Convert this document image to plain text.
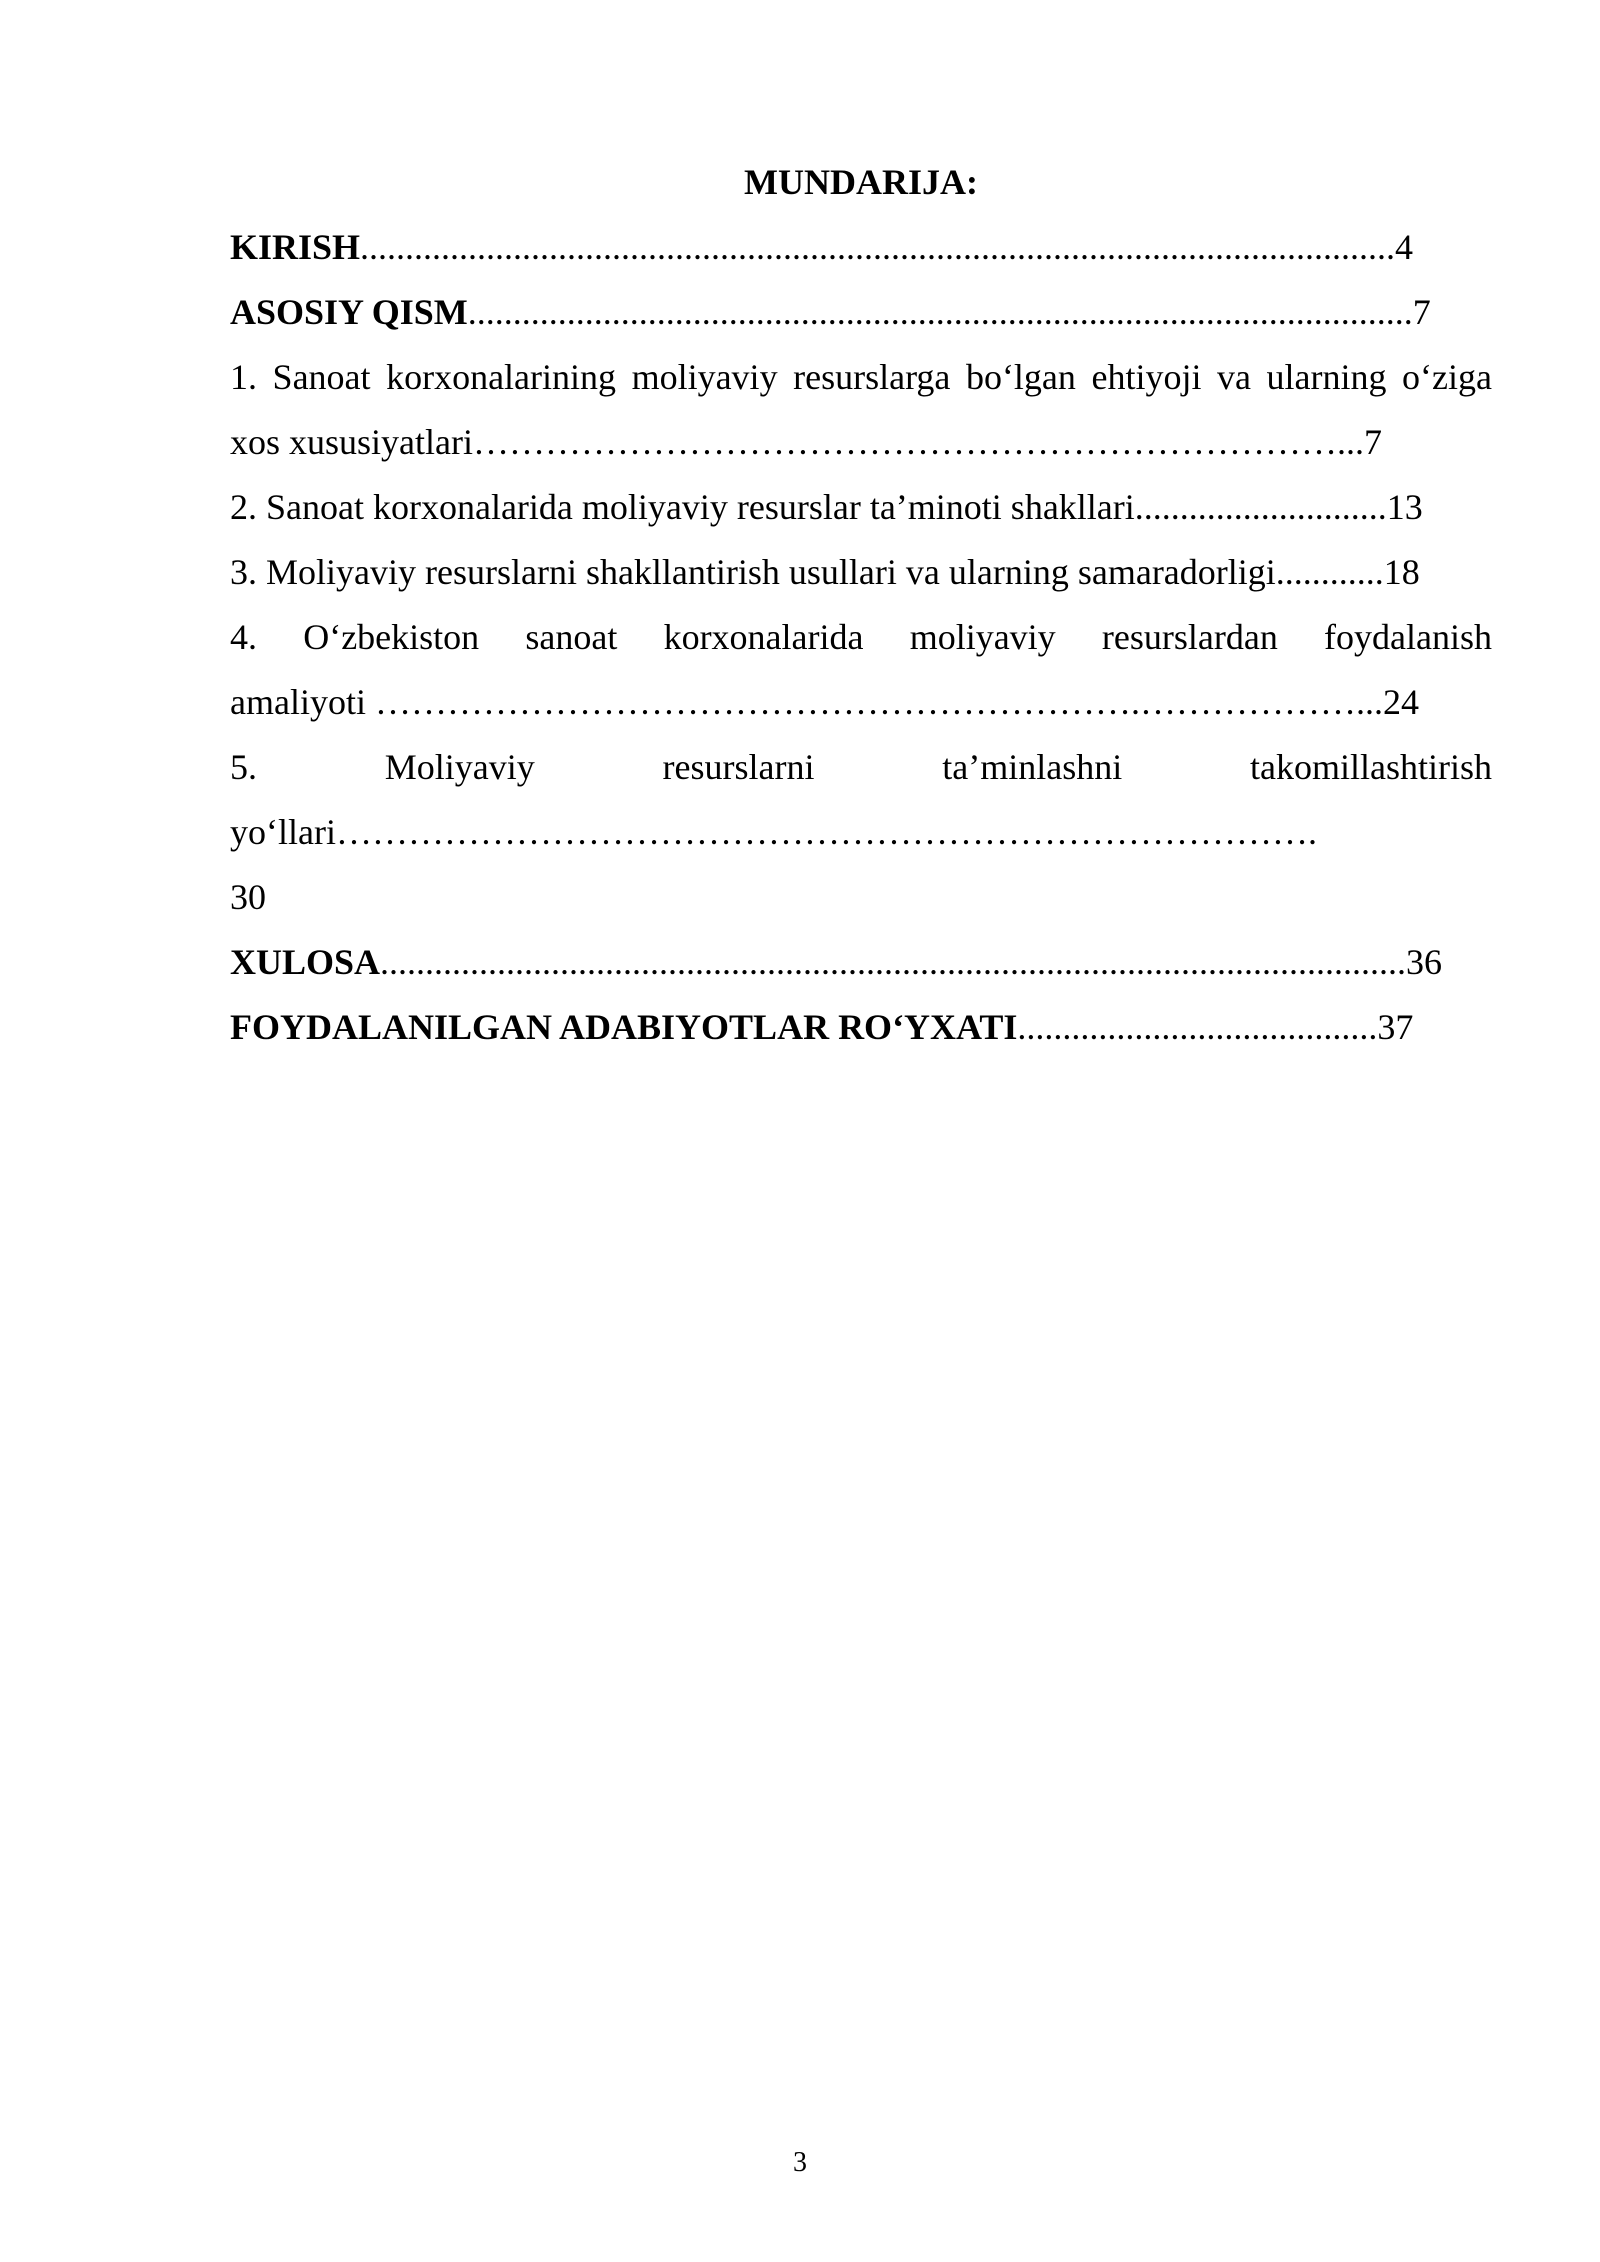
MUNDARIJA:
KIRISH...................................................................................................................4
ASOSIY QISM.........................................................................................................7
1. Sanoat korxonalarining moliyaviy resurslarga bo‘lgan ehtiyoji va ularning o‘ziga
xos xususiyatlari………………………………………………………………...7
2. Sanoat korxonalarida moliyaviy resurslar ta’minoti shakllari............................13
3. Moliyaviy resurslarni shakllantirish usullari va ularning samaradorligi............18
4. O‘zbekiston sanoat korxonalarida moliyaviy resurslardan foydalanish
amaliyoti ……………………………………………………….………………...24
5. Moliyaviy resurslarni ta’minlashni takomillashtirish
yo‘llari……………………………………………………………………….
30
XULOSA..................................................................................................................36
FOYDALANILGAN ADABIYOTLAR RO‘YXATI........................................37
3
